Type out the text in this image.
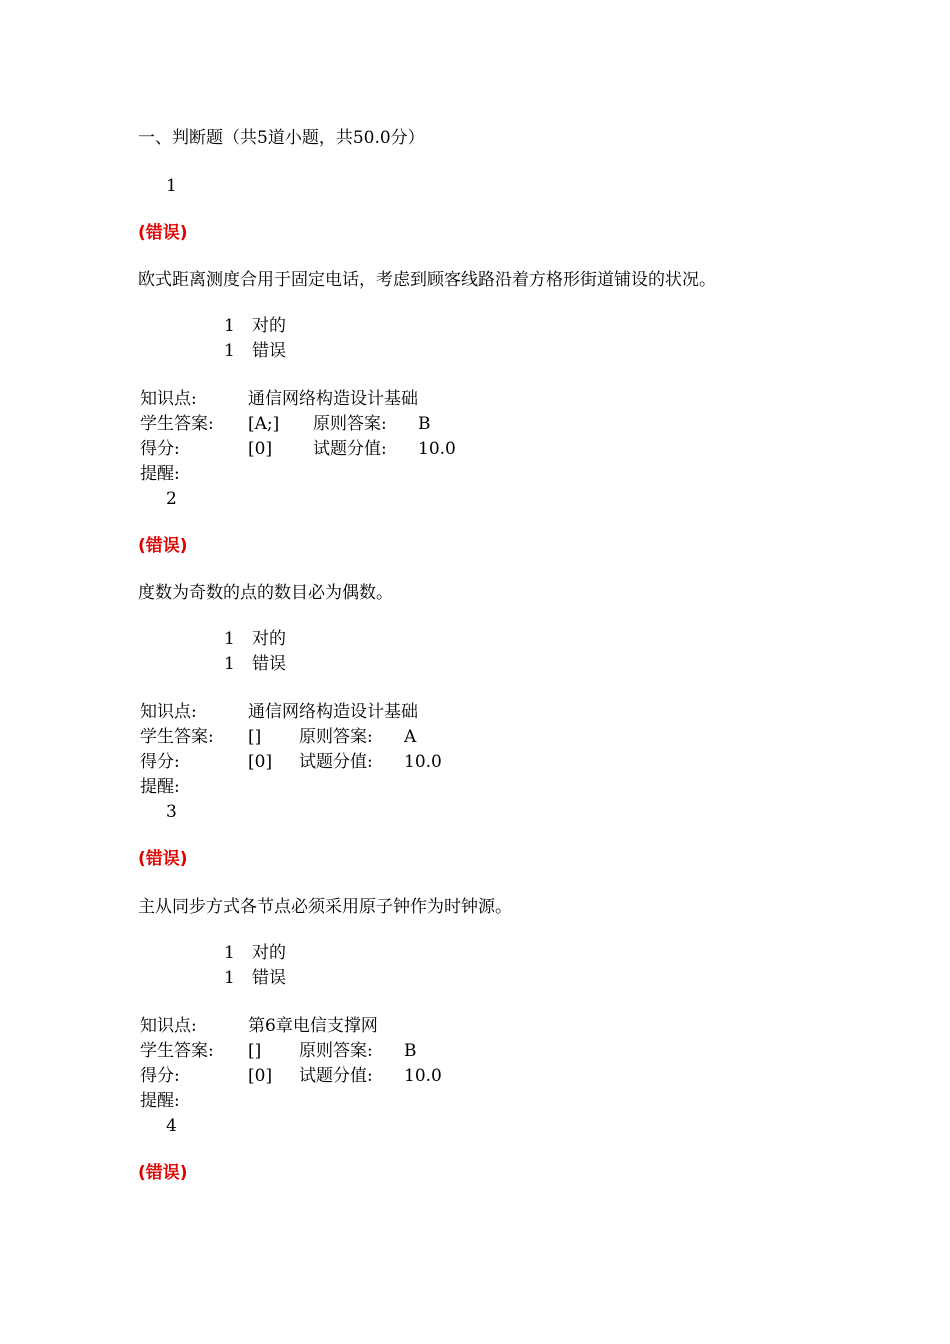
一、判断题（共5道小题，共50.0分）
1
(错误)
欧式距离测度合用于固定电话，考虑到顾客线路沿着方格形街道铺设的状况。
1 对的
1 错误
知识点:	通信网络构造设计基础
学生答案: [A;] 原则答案: B
得分:	[0] 试题分值: 10.0
提醒:
2
(错误)
度数为奇数的点的数目必为偶数。
1 对的
1 错误
知识点:	通信网络构造设计基础
学生答案: [] 原则答案: A
得分:	[0] 试题分值: 10.0
提醒:
3
(错误)
主从同步方式各节点必须采用原子钟作为时钟源。
1 对的
1 错误
知识点:	第6章电信支撑网
学生答案: [] 原则答案: B
得分:	[0] 试题分值: 10.0
提醒:
4
(错误)
